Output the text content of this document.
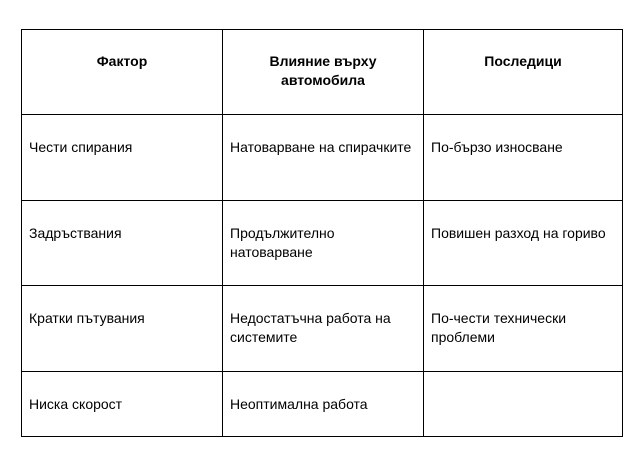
Фактор	Влияние върху автомобила	Последици

Чести спирания	Натоварване на спирачките	По-бързо износване

Задръствания	Продължително натоварване	Повишен разход на гориво

Кратки пътувания	Недостатъчна работа на системите	По-чести технически проблеми

Ниска скорост	Неоптимална работа	
